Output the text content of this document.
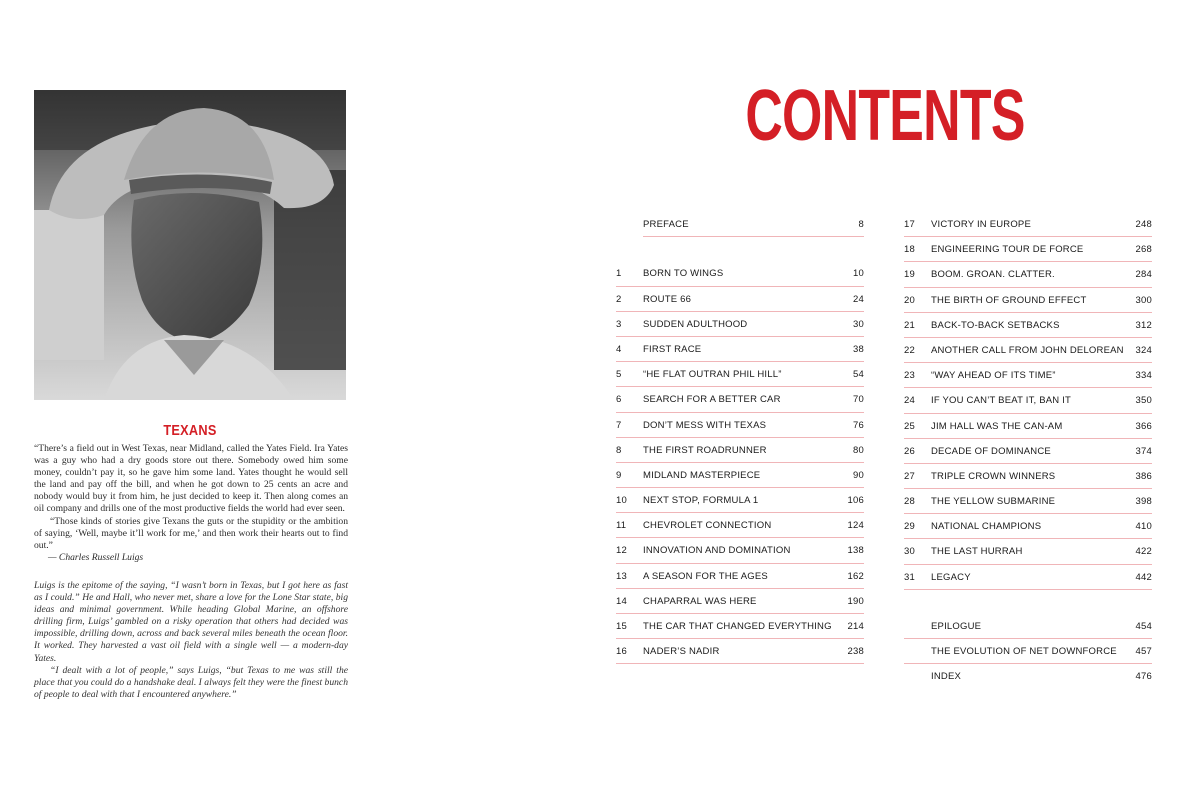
TEXANS

“There’s a field out in West Texas, near Midland, called the Yates Field. Ira Yates was a guy who had a dry goods store out there. Somebody owed him some money, couldn’t pay it, so he gave him some land. Yates thought he would sell the land and pay off the bill, and when he got down to 25 cents an acre and nobody would buy it from him, he just decided to keep it. Then along comes an oil company and drills one of the most productive fields the world had ever seen.

“Those kinds of stories give Texans the guts or the stupidity or the ambition of saying, ‘Well, maybe it’ll work for me,’ and then work their hearts out to find out.”

— Charles Russell Luigs

Luigs is the epitome of the saying, “I wasn’t born in Texas, but I got here as fast as I could.” He and Hall, who never met, share a love for the Lone Star state, big ideas and minimal government. While heading Global Marine, an offshore drilling firm, Luigs’ gambled on a risky operation that others had decided was impossible, drilling down, across and back several miles beneath the ocean floor. It worked. They harvested a vast oil field with a single well — a modern-day Yates.

“I dealt with a lot of people,” says Luigs, “but Texas to me was still the place that you could do a handshake deal. I always felt they were the finest bunch of people to deal with that I encountered anywhere.”

CONTENTS
PREFACE	8
1	BORN TO WINGS	10
2	ROUTE 66	24
3	SUDDEN ADULTHOOD	30
4	FIRST RACE	38
5	“HE FLAT OUTRAN PHIL HILL”	54
6	SEARCH FOR A BETTER CAR	70
7	DON’T MESS WITH TEXAS	76
8	THE FIRST ROADRUNNER	80
9	MIDLAND MASTERPIECE	90
10	NEXT STOP, FORMULA 1	106
11	CHEVROLET CONNECTION	124
12	INNOVATION AND DOMINATION	138
13	A SEASON FOR THE AGES	162
14	CHAPARRAL WAS HERE	190
15	THE CAR THAT CHANGED EVERYTHING 214
16	NADER’S NADIR	238
17	VICTORY IN EUROPE	248
18	ENGINEERING TOUR DE FORCE	268
19	BOOM. GROAN. CLATTER.	284
20	THE BIRTH OF GROUND EFFECT	300
21	BACK-TO-BACK SETBACKS	312
22	ANOTHER CALL FROM JOHN DELOREAN 324
23	“WAY AHEAD OF ITS TIME”	334
24	IF YOU CAN’T BEAT IT, BAN IT	350
25	JIM HALL WAS THE CAN-AM	366
26	DECADE OF DOMINANCE	374
27	TRIPLE CROWN WINNERS	386
28	THE YELLOW SUBMARINE	398
29	NATIONAL CHAMPIONS	410
30	THE LAST HURRAH	422
31	LEGACY	442
EPILOGUE	454
THE EVOLUTION OF NET DOWNFORCE 457
INDEX	476
